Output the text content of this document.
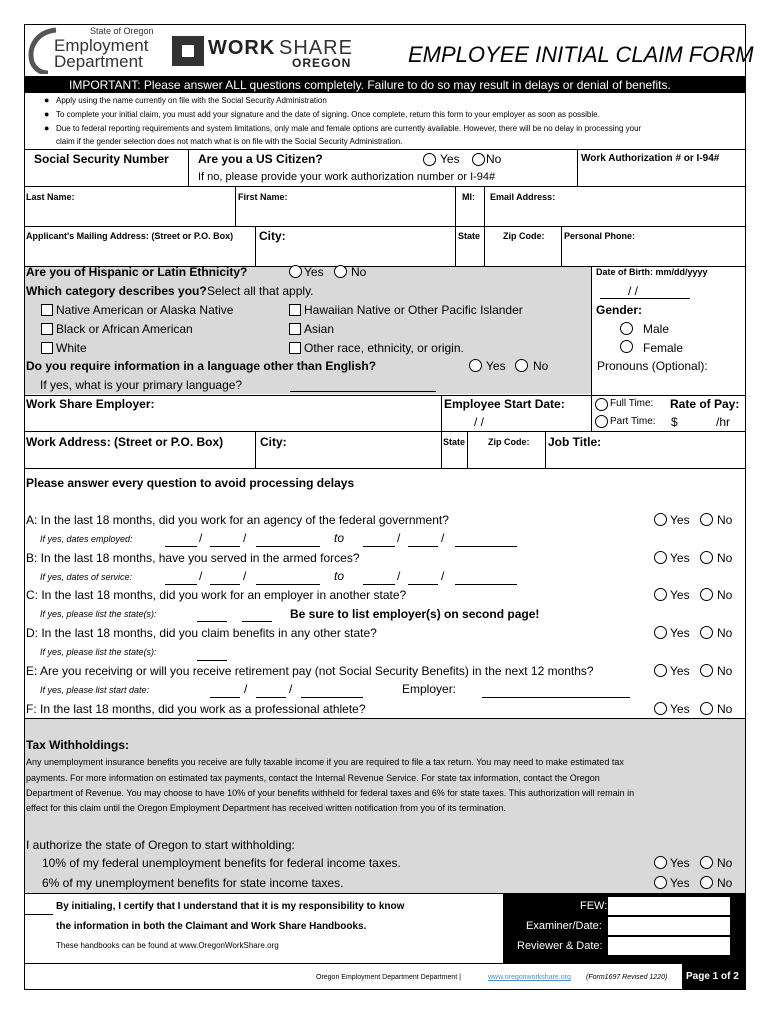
State of Oregon
Employment
Department
WORK SHARE
OREGON	EMPLOYEE INITIAL CLAIM FORM
IMPORTANT: Please answer ALL questions completely. Failure to do so may result in delays or denial of benefits.
● Apply using the name currently on file with the Social Security Administration
● To complete your initial claim, you must add your signature and the date of signing. Once complete, return this form to your employer as soon as possible.
● Due to federal reporting requirements and system limitations, only male and female options are currently available. However, there will be no delay in processing your
claim if the gender selection does not match what is on file with the Social Security Administration.
Social Security Number Are you a US Citizen?	Yes No	Work Authorization # or I-94#
If no, please provide your work authorization number or I-94#
Last Name:	First Name:	MI: Email Address:
Applicant's Mailing Address: (Street or P.O. Box) City:	State	Zip Code: Personal Phone:
Are you of Hispanic or Latin Ethnicity?	Yes No
Which category describes you? Select all that apply.
Native American or Alaska Native	Hawaiian Native or Other Pacific Islander
Black or African American	Asian
White	Other race, ethnicity, or origin.
Do you require information in a language other than English?	Yes No
If yes, what is your primary language?
Date of Birth: mm/dd/yyyy
/ /
Gender:
Male
Female
Pronouns (Optional):
Work Share Employer:	Employee Start Date:
/ /
Full Time:
Part Time:
Rate of Pay:
$	/hr
Work Address: (Street or P.O. Box)	City:	State	Zip Code: Job Title:
Please answer every question to avoid processing delays
A: In the last 18 months, did you work for an agency of the federal government?	Yes No
If yes, dates employed:	/	/	to	/	/
B: In the last 18 months, have you served in the armed forces?	Yes No
If yes, dates of service:	/	/	to	/	/
C: In the last 18 months, did you work for an employer in another state?	Yes No
If yes, please list the state(s):	Be sure to list employer(s) on second page!
D: In the last 18 months, did you claim benefits in any other state?	Yes No
If yes, please list the state(s):
E: Are you receiving or will you receive retirement pay (not Social Security Benefits) in the next 12 months?	Yes No
If yes, please list start date:	/	/	Employer:
F: In the last 18 months, did you work as a professional athlete?	Yes No
Tax Withholdings:
Any unemployment insurance benefits you receive are fully taxable income if you are required to file a tax return. You may need to make estimated tax
payments. For more information on estimated tax payments, contact the Internal Revenue Service. For state tax information, contact the Oregon
Department of Revenue. You may choose to have 10% of your benefits withheld for federal taxes and 6% for state taxes. This authorization will remain in
effect for this claim until the Oregon Employment Department has received written notification from you of its termination.
I authorize the state of Oregon to start withholding:
10% of my federal unemployment benefits for federal income taxes.	Yes No
6% of my unemployment benefits for state income taxes.	Yes No
By initialing, I certify that I understand that it is my responsibility to know
the information in both the Claimant and Work Share Handbooks.
These handbooks can be found at www.OregonWorkShare.org
FEW:
Examiner/Date:
Reviewer & Date:
Oregon Employment Department Department |	www.oregonworkshare.org (Form1697 Revised 1220) Page 1 of 2
